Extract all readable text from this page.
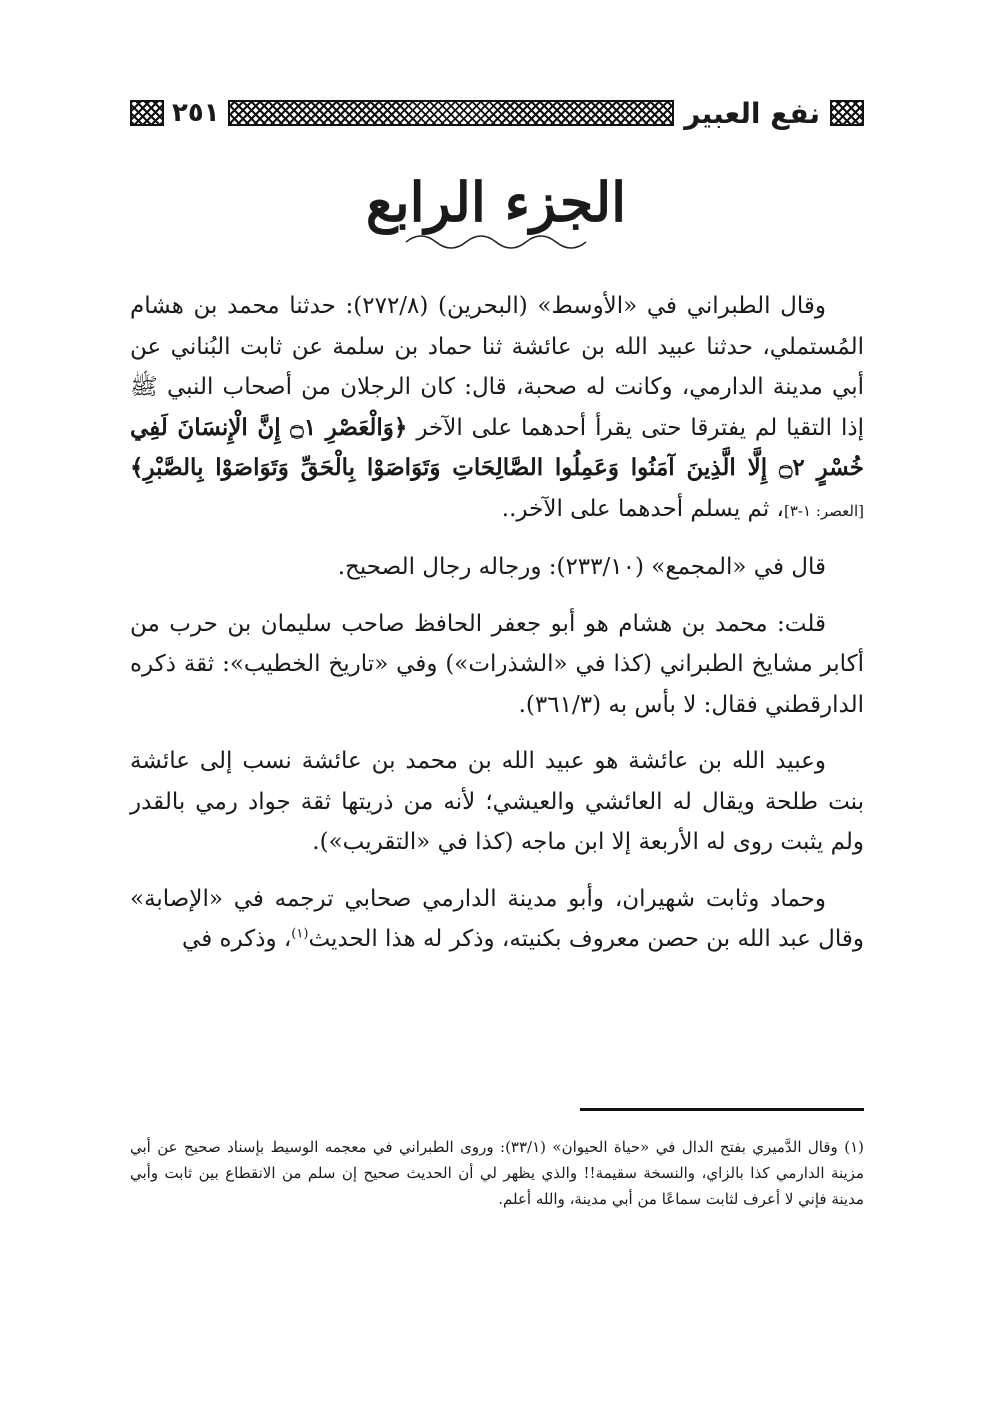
٢٥١	نفع العبير
الجزء الرابع

وقال الطبراني في «الأوسط» (البحرين) (٢٧٢/٨): حدثنا محمد بن هشام المُستملي، حدثنا عبيد الله بن عائشة ثنا حماد بن سلمة عن ثابت البُناني عن أبي مدينة الدارمي، وكانت له صحبة، قال: كان الرجلان من أصحاب النبي ﷺ إذا التقيا لم يفترقا حتى يقرأ أحدهما على الآخر ﴿وَالْعَصْرِ ۝١ إِنَّ الْإِنسَانَ لَفِي خُسْرٍ ۝٢ إِلَّا الَّذِينَ آمَنُوا وَعَمِلُوا الصَّالِحَاتِ وَتَوَاصَوْا بِالْحَقِّ وَتَوَاصَوْا بِالصَّبْرِ﴾ [العصر: ١-٣]، ثم يسلم أحدهما على الآخر..

قال في «المجمع» (٢٣٣/١٠): ورجاله رجال الصحيح.

قلت: محمد بن هشام هو أبو جعفر الحافظ صاحب سليمان بن حرب من أكابر مشايخ الطبراني (كذا في «الشذرات») وفي «تاريخ الخطيب»: ثقة ذكره الدارقطني فقال: لا بأس به (٣٦١/٣).

وعبيد الله بن عائشة هو عبيد الله بن محمد بن عائشة نسب إلى عائشة بنت طلحة ويقال له العائشي والعيشي؛ لأنه من ذريتها ثقة جواد رمي بالقدر ولم يثبت روى له الأربعة إلا ابن ماجه (كذا في «التقريب»).

وحماد وثابت شهيران، وأبو مدينة الدارمي صحابي ترجمه في «الإصابة» وقال عبد الله بن حصن معروف بكنيته، وذكر له هذا الحديث$^{(١)}$، وذكره في

(١) وقال الدَّميري بفتح الدال في «حياة الحيوان» (٣٣/١): وروى الطبراني في معجمه الوسيط بإسناد صحيح عن أبي مزينة الدارمي كذا بالزاي، والنسخة سقيمة!! والذي يظهر لي أن الحديث صحيح إن سلم من الانقطاع بين ثابت وأبي مدينة فإني لا أعرف لثابت سماعًا من أبي مدينة، والله أعلم.
